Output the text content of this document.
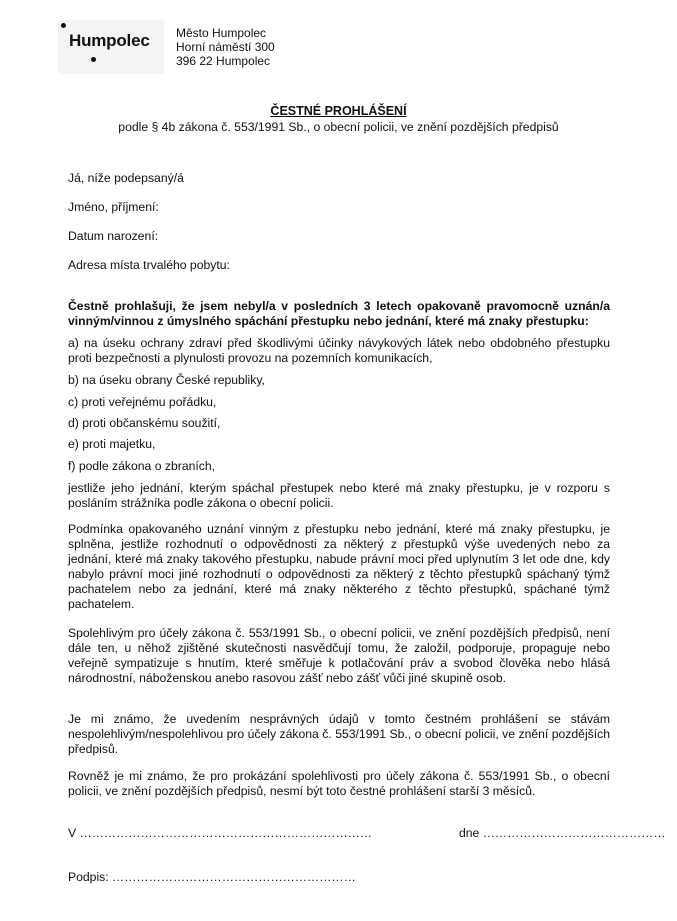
Humpolec Město Humpolec
Horní náměstí 300
396 22 Humpolec
ČESTNÉ PROHLÁŠENÍ
podle § 4b zákona č. 553/1991 Sb., o obecní policii, ve znění pozdějších předpisů
Já, níže podepsaný/á
Jméno, příjmení:
Datum narození:
Adresa místa trvalého pobytu:
Čestně prohlašuji, že jsem nebyl/a v posledních 3 letech opakovaně pravomocně uznán/a vinným/vinnou z úmyslného spáchání přestupku nebo jednání, které má znaky přestupku:
a) na úseku ochrany zdraví před škodlivými účinky návykových látek nebo obdobného přestupku proti bezpečnosti a plynulosti provozu na pozemních komunikacích,
b) na úseku obrany České republiky,
c) proti veřejnému pořádku,
d) proti občanskému soužití,
e) proti majetku,
f) podle zákona o zbraních,
jestliže jeho jednání, kterým spáchal přestupek nebo které má znaky přestupku, je v rozporu s posláním strážníka podle zákona o obecní policii.
Podmínka opakovaného uznání vinným z přestupku nebo jednání, které má znaky přestupku, je splněna, jestliže rozhodnutí o odpovědnosti za některý z přestupků výše uvedených nebo za jednání, které má znaky takového přestupku, nabude právní moci před uplynutím 3 let ode dne, kdy nabylo právní moci jiné rozhodnutí o odpovědnosti za některý z těchto přestupků spáchaný týmž pachatelem nebo za jednání, které má znaky některého z těchto přestupků, spáchané týmž pachatelem.
Spolehlivým pro účely zákona č. 553/1991 Sb., o obecní policii, ve znění pozdějších předpisů, není dále ten, u něhož zjištěné skutečnosti nasvědčují tomu, že založil, podporuje, propaguje nebo veřejně sympatizuje s hnutím, které směřuje k potlačování práv a svobod člověka nebo hlásá národnostní, náboženskou anebo rasovou zášť nebo zášť vůči jiné skupině osob.
Je mi známo, že uvedením nesprávných údajů v tomto čestném prohlášení se stávám nespolehlivým/nespolehlivou pro účely zákona č. 553/1991 Sb., o obecní policii, ve znění pozdějších předpisů.
Rovněž je mi známo, že pro prokázání spolehlivosti pro účely zákona č. 553/1991 Sb., o obecní policii, ve znění pozdějších předpisů, nesmí být toto čestné prohlášení starší 3 měsíců.
V ………………………………………………………………	dne ………………………………………
Podpis: ……………………………………………………
